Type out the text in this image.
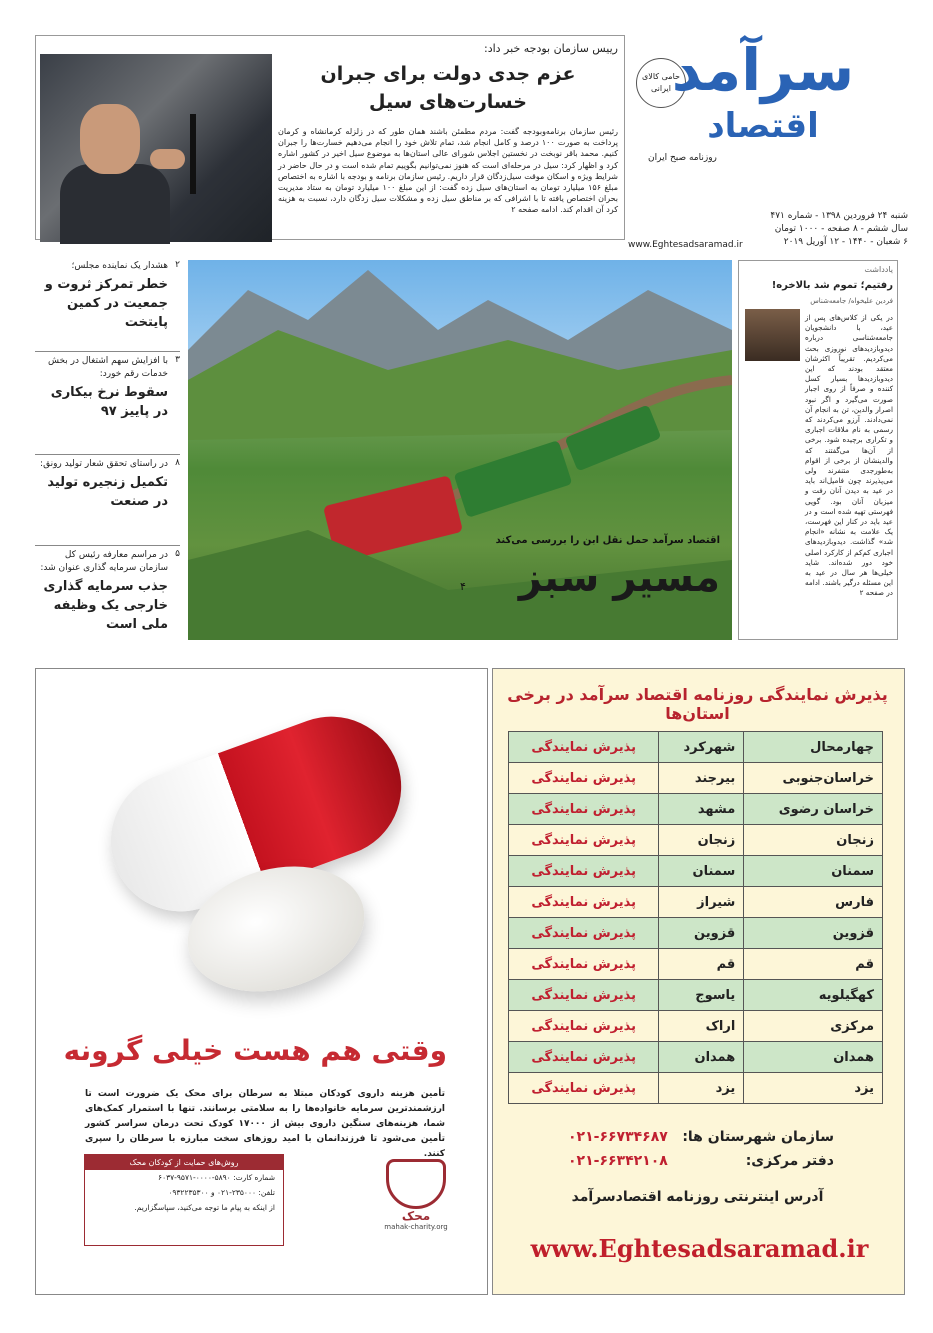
حامی کالای ایرانی سرآمد
اقتصاد
روزنامه صبح ایران
شنبه ۲۴ فروردین ۱۳۹۸ - شماره ۴۷۱
سال ششم - ۸ صفحه - ۱۰۰۰ تومان
۶ شعبان - ۱۴۴۰ - ۱۲ آوریل ۲۰۱۹
www.Eghtesadsaramad.ir
رییس سازمان بودجه خبر داد:
عزم جدی دولت برای جبران خسارت‌های سیل
رئیس سازمان برنامه‌وبودجه گفت: مردم مطمئن باشند همان طور که در زلزله کرمانشاه و کرمان پرداخت به صورت ۱۰۰ درصد و کامل انجام شد، تمام تلاش خود را انجام می‌دهیم خسارت‌ها را جبران کنیم. محمد باقر نوبخت در نخستین اجلاس شورای عالی استان‌ها به موضوع سیل اخیر در کشور اشاره کرد و اظهار کرد: سیل در مرحله‌ای است که هنوز نمی‌توانیم بگوییم تمام شده است و در حال حاضر در شرایط ویژه و اسکان موقت سیل‌زدگان قرار داریم. رئیس سازمان برنامه و بودجه با اشاره به اختصاص مبلغ ۱۵۶ میلیارد تومان به استان‌های سیل زده گفت: از این مبلغ ۱۰۰ میلیارد تومان به ستاد مدیریت بحران اختصاص یافته تا با اشرافی که بر مناطق سیل زده و مشکلات سیل زدگان دارد، نسبت به هزینه کرد آن اقدام کند. ادامه صفحه ۲
۲
هشدار یک نماینده مجلس؛
خطر تمرکز ثروت و جمعیت در کمین پایتخت
۳
با افزایش سهم اشتغال در بخش خدمات رقم خورد:
سقوط نرخ بیکاری در پاییز ۹۷
۸
در راستای تحقق شعار تولید رونق:
تکمیل زنجیره تولید در صنعت
۵
در مراسم معارفه رئیس کل سازمان سرمایه گذاری عنوان شد:
جذب سرمایه گذاری خارجی یک وظیفه ملی است
اقتصاد سرآمد حمل نقل ابن را بررسی می‌کند
مسیر سبز
۴
یادداشت
رفتیم؛ تموم شد بالاخره!
فردین علیخواه/ جامعه‌شناس
در یکی از کلاس‌های پس از عید، با دانشجویان جامعه‌شناسی درباره دیدوبازدیدهای نوروزی بحث می‌کردیم. تقریباً اکثرشان معتقد بودند که این دیدوبازدیدها بسیار کسل کننده و صرفاً از روی اجبار صورت می‌گیرد و اگر نبود اصرار والدین، تن به انجام آن نمی‌دادند. آرزو می‌کردند که رسمی به نام ملاقات اجباری و تکراری برچیده شود. برخی از آن‌ها می‌گفتند که والدینشان از برخی از اقوام به‌طورجدی متنفرند ولی می‌پذیرند چون فامیل‌اند باید در عید به دیدن آنان رفت و میزبان آنان بود. گویی فهرستی تهیه شده است و در عید باید در کنار این فهرست، یک علامت به نشانه «انجام شد» گذاشت. دیدوبازدیدهای اجباری کم‌کم از کارکرد اصلی خود دور شده‌اند. شاید خیلی‌ها هر سال در عید به این مسئله درگیر باشند. ادامه در صفحه ۲
وقتی هم هست خیلی گرونه
تأمین هزینه داروی کودکان مبتلا به سرطان برای محک یک ضرورت است تا ارزشمندترین سرمایه خانواده‌ها را به سلامتی برسانند. تنها با استمرار کمک‌های شما، هزینه‌های سنگین داروی بیش از ۱۷۰۰۰ کودک تحت درمان سراسر کشور تأمین می‌شود تا فرزندانمان با امید روزهای سخت مبارزه با سرطان را سپری کنند.
روش‌های حمایت از کودکان محک
شماره کارت: ۵۸۹۰-۰۰۰۰-۹۵۷۱-۶۰۳۷
تلفن: ۲۳۵۰۰۰-۰۲۱ و ۰۹۳۲۲۳۵۳۰۰
از اینکه به پیام ما توجه می‌کنید، سپاسگزاریم.
محک
mahak-charity.org
پذیرش نمایندگی روزنامه اقتصاد سرآمد در برخی استان‌ها
چهارمحال	شهرکرد	پذیرش نمایندگی
خراسان‌جنوبی	بیرجند	پذیرش نمایندگی
خراسان رضوی	مشهد	پذیرش نمایندگی
زنجان	زنجان	پذیرش نمایندگی
سمنان	سمنان	پذیرش نمایندگی
فارس	شیراز	پذیرش نمایندگی
قزوین	قزوین	پذیرش نمایندگی
قم	قم	پذیرش نمایندگی
کهگیلویه	یاسوج	پذیرش نمایندگی
مرکزی	اراک	پذیرش نمایندگی
همدان	همدان	پذیرش نمایندگی
یزد	یزد	پذیرش نمایندگی
سازمان شهرستان ها:
۰۲۱-۶۶۷۳۴۶۸۷
دفتر مرکزی:
۰۲۱-۶۶۳۴۲۱۰۸
آدرس اینترنتی روزنامه اقتصادسرآمد
www.Eghtesadsaramad.ir
